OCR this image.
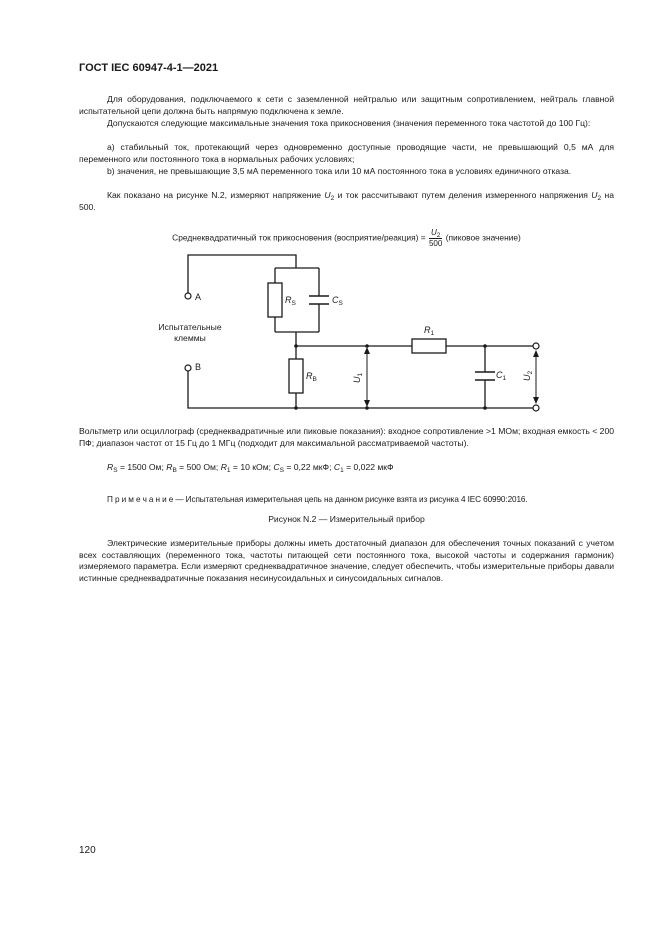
ГОСТ IEC 60947-4-1—2021
Для оборудования, подключаемого к сети с заземленной нейтралью или защитным сопротивлением, нейтраль главной испытательной цепи должна быть напрямую подключена к земле.
Допускаются следующие максимальные значения тока прикосновения (значения переменного тока частотой до 100 Гц):
a) стабильный ток, протекающий через одновременно доступные проводящие части, не превышающий 0,5 мА для переменного или постоянного тока в нормальных рабочих условиях;
b) значения, не превышающие 3,5 мА переменного тока или 10 мА постоянного тока в условиях единичного отказа.
Как показано на рисунке N.2, измеряют напряжение $U_2$ и ток рассчитывают путем деления измеренного напряжения $U_2$ на 500.
Среднеквадратичный ток прикосновения (восприятие/реакция) = $\frac{U_2}{500}$ (пиковое значение)
A
B
Испытательные
клеммы
$R_S$	$C_S$
$R_B$
$R_1$
$C_1$
$U_1$	$U_2$
Вольтметр или осциллограф (среднеквадратичные или пиковые показания): входное сопротивление >1 МОм; входная емкость < 200 ПФ; диапазон частот от 15 Гц до 1 МГц (подходит для максимальной рассматриваемой частоты).
$R_S = 1500$ Ом; $R_B = 500$ Ом; $R_1 = 10$ кОм; $C_S = 0,22$ мкФ; $C_1 = 0,022$ мкФ
П р и м е ч а н и е — Испытательная измерительная цепь на данном рисунке взята из рисунка 4 IEC 60990:2016.
Рисунок N.2 — Измерительный прибор
Электрические измерительные приборы должны иметь достаточный диапазон для обеспечения точных показаний с учетом всех составляющих (переменного тока, частоты питающей сети постоянного тока, высокой частоты и содержания гармоник) измеряемого параметра. Если измеряют среднеквадратичное значение, следует обеспечить, чтобы измерительные приборы давали истинные среднеквадратичные показания несинусоидальных и синусоидальных сигналов.
120
